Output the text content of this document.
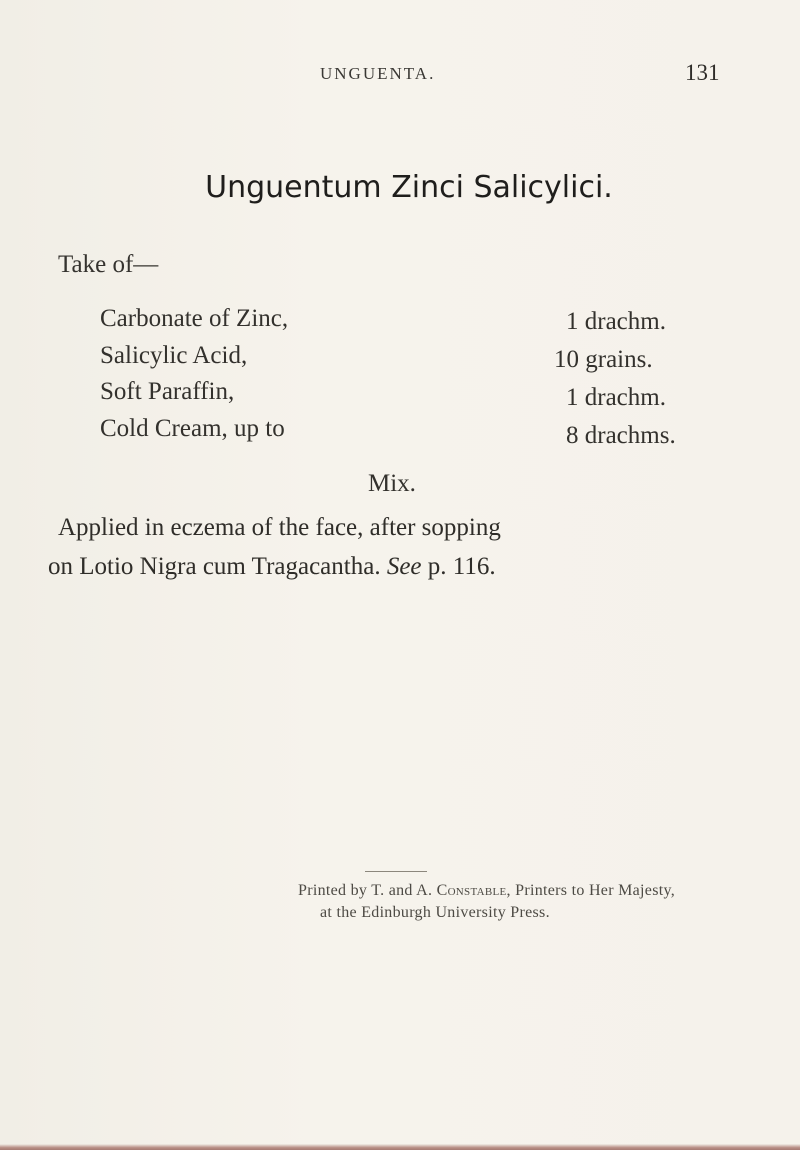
UNGUENTA.	131
Unguentum Zinci Salicylici.
Take of—
Carbonate of Zinc,	1 drachm.
Salicylic Acid,	10 grains.
Soft Paraffin,	1 drachm.
Cold Cream, up to	8 drachms.
Mix.
Applied in eczema of the face, after sopping
on Lotio Nigra cum Tragacantha. See p. 116.
Printed by T. and A. Constable, Printers to Her Majesty,
at the Edinburgh University Press.
